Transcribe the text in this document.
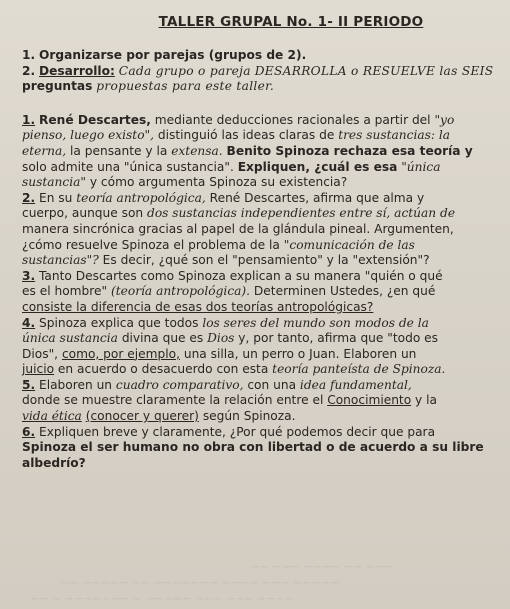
TALLER GRUPAL No. 1- II PERIODO

1. Organizarse por parejas (grupos de 2).

2. Desarrollo: Cada grupo o pareja DESARROLLA o RESUELVE las SEIS

preguntas propuestas para este taller.

1. René Descartes, mediante deducciones racionales a partir del "yo

pienso, luego existo", distinguió las ideas claras de tres sustancias: la

eterna, la pensante y la extensa. Benito Spinoza rechaza esa teoría y

solo admite una "única sustancia". Expliquen, ¿cuál es esa "única

sustancia" y cómo argumenta Spinoza su existencia?

2. En su teoría antropológica, René Descartes, afirma que alma y

cuerpo, aunque son dos sustancias independientes entre sí, actúan de

manera sincrónica gracias al papel de la glándula pineal. Argumenten,

¿cómo resuelve Spinoza el problema de la "comunicación de las

sustancias"? Es decir, ¿qué son el "pensamiento" y la "extensión"?

3. Tanto Descartes como Spinoza explican a su manera "quién o qué

es el hombre" (teoría antropológica). Determinen Ustedes, ¿en qué

consiste la diferencia de esas dos teorías antropológicas?

4. Spinoza explica que todos los seres del mundo son modos de la

única sustancia divina que es Dios y, por tanto, afirma que "todo es

Dios", como, por ejemplo, una silla, un perro o Juan. Elaboren un

juicio en acuerdo o desacuerdo con esta teoría panteísta de Spinoza.

5. Elaboren un cuadro comparativo, con una idea fundamental,

donde se muestre claramente la relación entre el Conocimiento y la

vida ética (conocer y querer) según Spinoza.

6. Expliquen breve y claramente, ¿Por qué podemos decir que para

Spinoza el ser humano no obra con libertad o de acuerdo a su libre

albedrío?

~~ ~~~ ~~~~ ~~ ~~~

~~ ~~~~~ ~~ ~~~~~~~ ~~~~ ~~~ ~~~~~

~~ ~ ~~~~~~~ ~ ~~~~~ ~~~ ~~~ ~~~~
